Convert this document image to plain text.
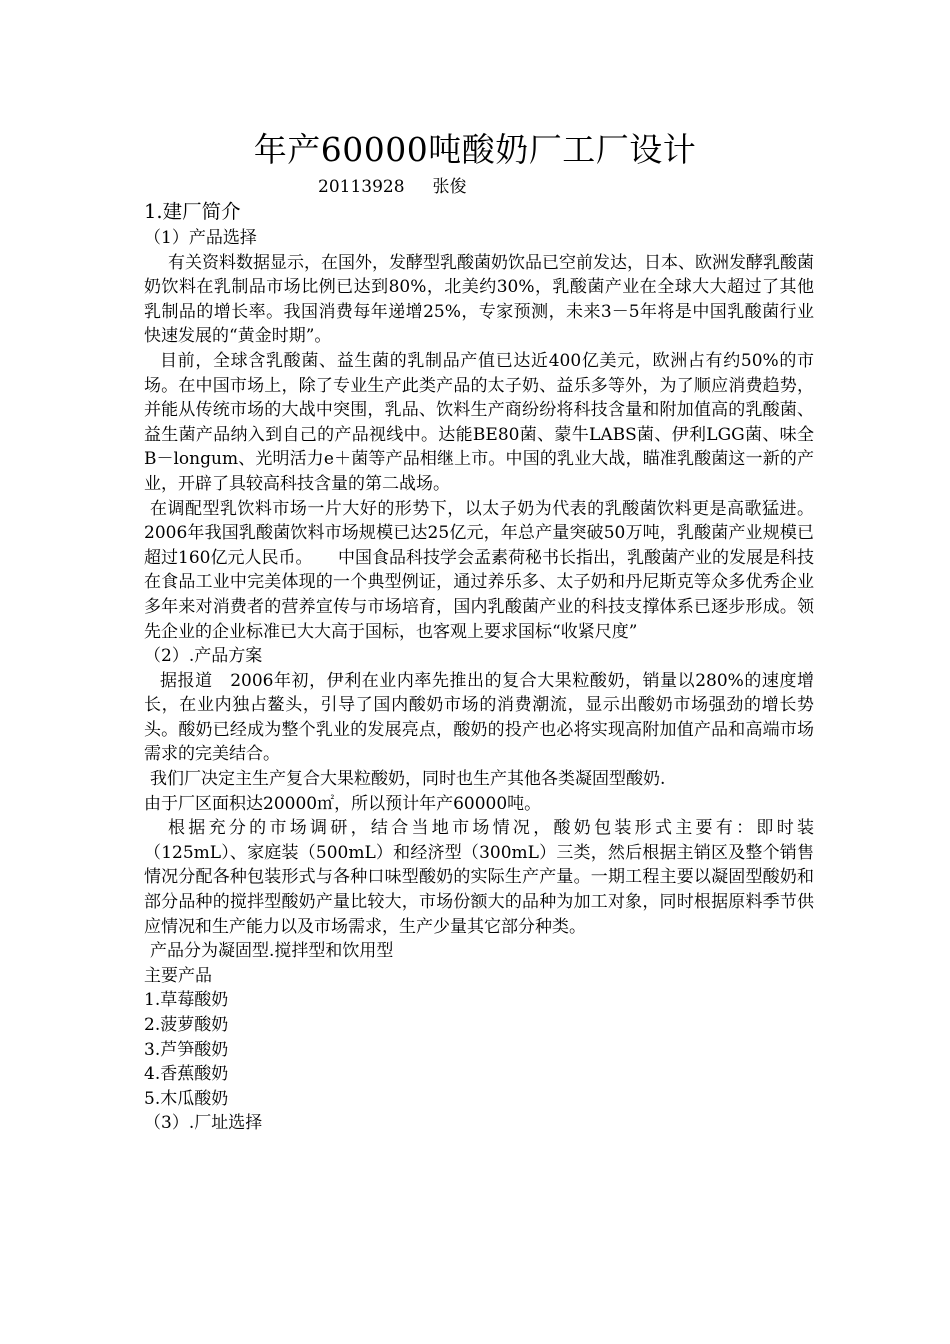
年产60000吨酸奶厂工厂设计
20113928 张俊
1.建厂简介
（1）产品选择

有关资料数据显示，在国外，发酵型乳酸菌奶饮品已空前发达，日本、欧洲发酵乳酸菌奶饮料在乳制品市场比例已达到80%，北美约30%，乳酸菌产业在全球大大超过了其他乳制品的增长率。我国消费每年递增25%，专家预测，未来3－5年将是中国乳酸菌行业快速发展的“黄金时期”。

目前，全球含乳酸菌、益生菌的乳制品产值已达近400亿美元，欧洲占有约50%的市场。在中国市场上，除了专业生产此类产品的太子奶、益乐多等外，为了顺应消费趋势，并能从传统市场的大战中突围，乳品、饮料生产商纷纷将科技含量和附加值高的乳酸菌、益生菌产品纳入到自己的产品视线中。达能BE80菌、蒙牛LABS菌、伊利LGG菌、味全B－longum、光明活力e＋菌等产品相继上市。中国的乳业大战，瞄准乳酸菌这一新的产业，开辟了具较高科技含量的第二战场。

在调配型乳饮料市场一片大好的形势下，以太子奶为代表的乳酸菌饮料更是高歌猛进。2006年我国乳酸菌饮料市场规模已达25亿元，年总产量突破50万吨，乳酸菌产业规模已超过160亿元人民币。　　中国食品科技学会孟素荷秘书长指出，乳酸菌产业的发展是科技在食品工业中完美体现的一个典型例证，通过养乐多、太子奶和丹尼斯克等众多优秀企业多年来对消费者的营养宣传与市场培育，国内乳酸菌产业的科技支撑体系已逐步形成。领先企业的企业标准已大大高于国标，也客观上要求国标“收紧尺度”

（2）.产品方案

据报道　2006年初，伊利在业内率先推出的复合大果粒酸奶，销量以280%的速度增长，在业内独占鳌头，引导了国内酸奶市场的消费潮流，显示出酸奶市场强劲的增长势头。酸奶已经成为整个乳业的发展亮点，酸奶的投产也必将实现高附加值产品和高端市场需求的完美结合。

我们厂决定主生产复合大果粒酸奶，同时也生产其他各类凝固型酸奶.

由于厂区面积达20000㎡，所以预计年产60000吨。

根据充分的市场调研，结合当地市场情况，酸奶包装形式主要有：即时装（125mL）、家庭装（500mL）和经济型（300mL）三类，然后根据主销区及整个销售情况分配各种包装形式与各种口味型酸奶的实际生产产量。一期工程主要以凝固型酸奶和部分品种的搅拌型酸奶产量比较大，市场份额大的品种为加工对象，同时根据原料季节供应情况和生产能力以及市场需求，生产少量其它部分种类。

产品分为凝固型.搅拌型和饮用型

主要产品
1.草莓酸奶
2.菠萝酸奶
3.芦笋酸奶
4.香蕉酸奶
5.木瓜酸奶
（3）.厂址选择
